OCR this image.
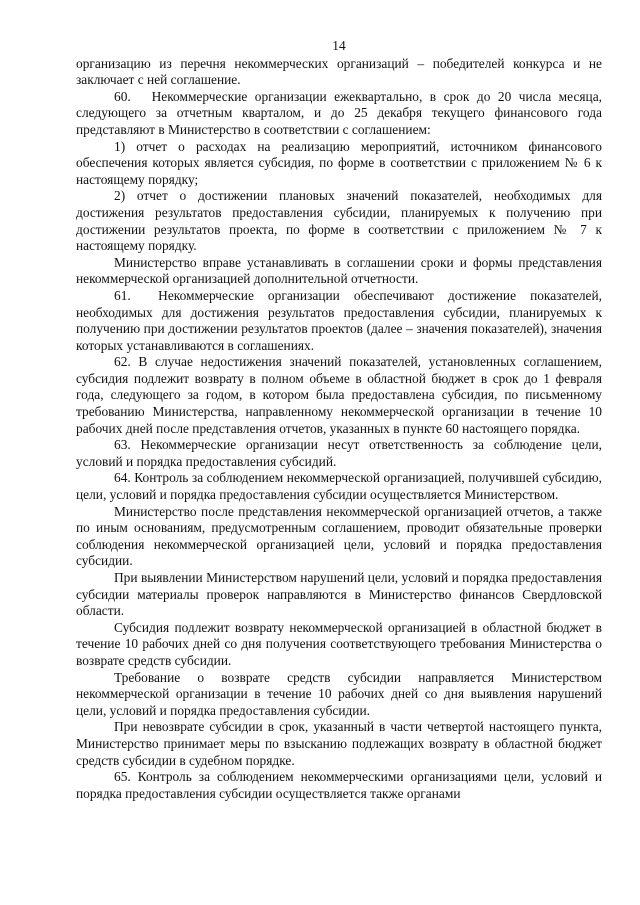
14

организацию из перечня некоммерческих организаций – победителей конкурса и не заключает с ней соглашение.

60.  Некоммерческие организации ежеквартально, в срок до 20 числа месяца, следующего за отчетным кварталом, и до 25 декабря текущего финансового года представляют в Министерство в соответствии с соглашением:

1) отчет о расходах на реализацию мероприятий, источником финансового обеспечения которых является субсидия, по форме в соответствии с приложением № 6 к настоящему порядку;

2) отчет о достижении плановых значений показателей, необходимых для достижения результатов предоставления субсидии, планируемых к получению при достижении результатов проекта, по форме в соответствии с приложением № 7 к настоящему порядку.

Министерство вправе устанавливать в соглашении сроки и формы представления некоммерческой организацией дополнительной отчетности.

61.  Некоммерческие организации обеспечивают достижение показателей, необходимых для достижения результатов предоставления субсидии, планируемых к получению при достижении результатов проектов (далее – значения показателей), значения которых устанавливаются в соглашениях.

62. В случае недостижения значений показателей, установленных соглашением, субсидия подлежит возврату в полном объеме в областной бюджет в срок до 1 февраля года, следующего за годом, в котором была предоставлена субсидия, по письменному требованию Министерства, направленному некоммерческой организации в течение 10 рабочих дней после представления отчетов, указанных в пункте 60 настоящего порядка.

63. Некоммерческие организации несут ответственность за соблюдение цели, условий и порядка предоставления субсидий.

64. Контроль за соблюдением некоммерческой организацией, получившей субсидию, цели, условий и порядка предоставления субсидии осуществляется Министерством.

Министерство после представления некоммерческой организацией отчетов, а также по иным основаниям, предусмотренным соглашением, проводит обязательные проверки соблюдения некоммерческой организацией цели, условий и порядка предоставления субсидии.

При выявлении Министерством нарушений цели, условий и порядка предоставления субсидии материалы проверок направляются в Министерство финансов Свердловской области.

Субсидия подлежит возврату некоммерческой организацией в областной бюджет в течение 10 рабочих дней со дня получения соответствующего требования Министерства о возврате средств субсидии.

Требование о возврате средств субсидии направляется Министерством некоммерческой организации в течение 10 рабочих дней со дня выявления нарушений цели, условий и порядка предоставления субсидии.

При невозврате субсидии в срок, указанный в части четвертой настоящего пункта, Министерство принимает меры по взысканию подлежащих возврату в областной бюджет средств субсидии в судебном порядке.

65. Контроль за соблюдением некоммерческими организациями цели, условий и порядка предоставления субсидии осуществляется также органами
